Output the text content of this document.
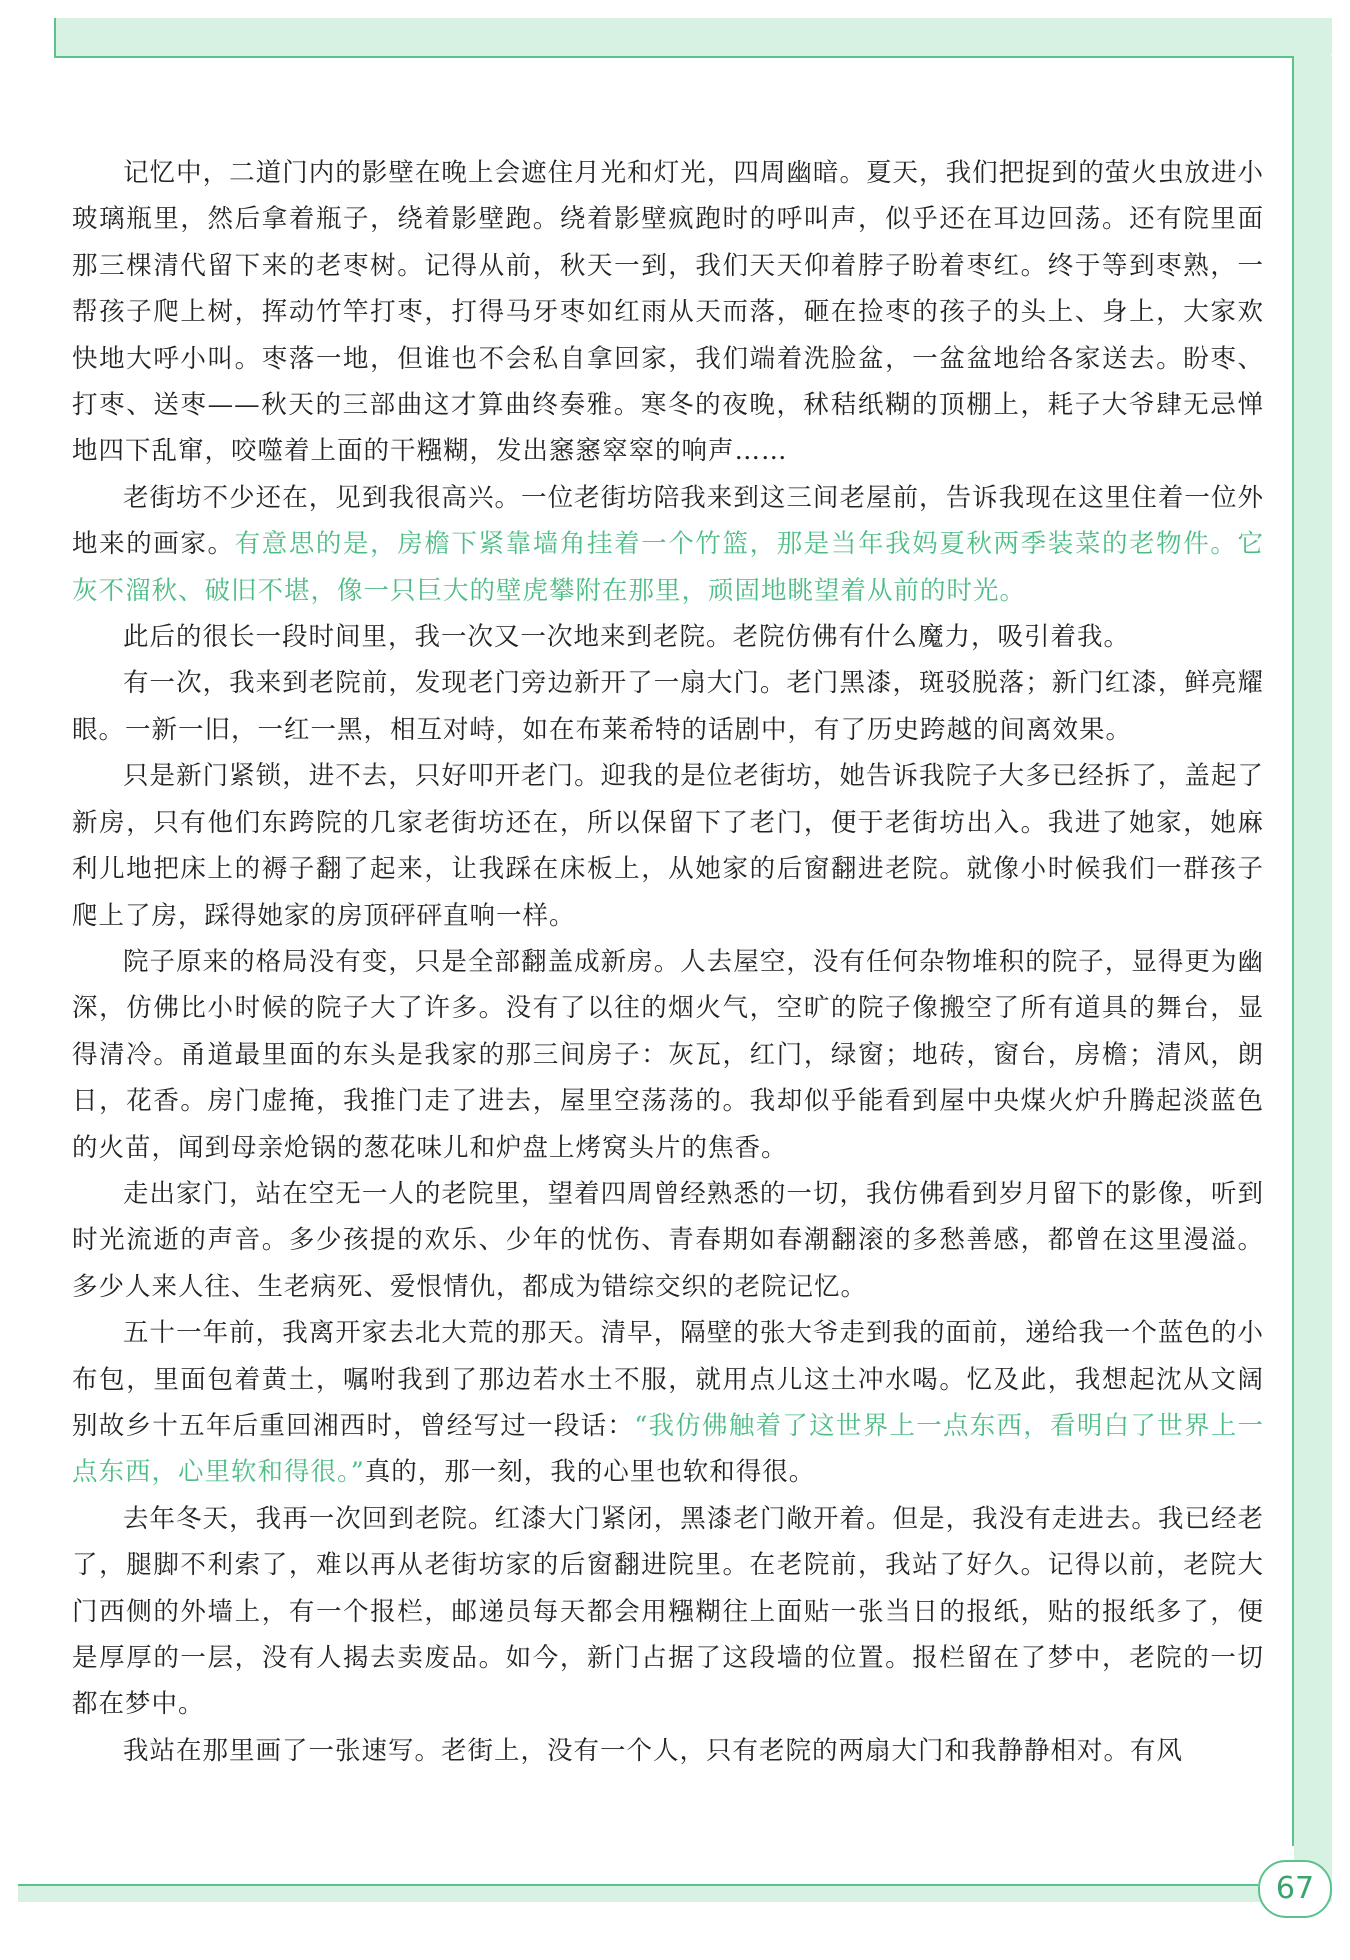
67

记忆中，二道门内的影壁在晚上会遮住月光和灯光，四周幽暗。夏天，我们把捉到的萤火虫放进小玻璃瓶里，然后拿着瓶子，绕着影壁跑。绕着影壁疯跑时的呼叫声，似乎还在耳边回荡。还有院里面那三棵清代留下来的老枣树。记得从前，秋天一到，我们天天仰着脖子盼着枣红。终于等到枣熟，一帮孩子爬上树，挥动竹竿打枣，打得马牙枣如红雨从天而落，砸在捡枣的孩子的头上、身上，大家欢快地大呼小叫。枣落一地，但谁也不会私自拿回家，我们端着洗脸盆，一盆盆地给各家送去。盼枣、打枣、送枣——秋天的三部曲这才算曲终奏雅。寒冬的夜晚，秫秸纸糊的顶棚上，耗子大爷肆无忌惮地四下乱窜，咬噬着上面的干糨糊，发出窸窸窣窣的响声……

老街坊不少还在，见到我很高兴。一位老街坊陪我来到这三间老屋前，告诉我现在这里住着一位外地来的画家。有意思的是，房檐下紧靠墙角挂着一个竹篮，那是当年我妈夏秋两季装菜的老物件。它灰不溜秋、破旧不堪，像一只巨大的壁虎攀附在那里，顽固地眺望着从前的时光。

此后的很长一段时间里，我一次又一次地来到老院。老院仿佛有什么魔力，吸引着我。

有一次，我来到老院前，发现老门旁边新开了一扇大门。老门黑漆，斑驳脱落；新门红漆，鲜亮耀眼。一新一旧，一红一黑，相互对峙，如在布莱希特的话剧中，有了历史跨越的间离效果。

只是新门紧锁，进不去，只好叩开老门。迎我的是位老街坊，她告诉我院子大多已经拆了，盖起了新房，只有他们东跨院的几家老街坊还在，所以保留下了老门，便于老街坊出入。我进了她家，她麻利儿地把床上的褥子翻了起来，让我踩在床板上，从她家的后窗翻进老院。就像小时候我们一群孩子爬上了房，踩得她家的房顶砰砰直响一样。

院子原来的格局没有变，只是全部翻盖成新房。人去屋空，没有任何杂物堆积的院子，显得更为幽深，仿佛比小时候的院子大了许多。没有了以往的烟火气，空旷的院子像搬空了所有道具的舞台，显得清冷。甬道最里面的东头是我家的那三间房子：灰瓦，红门，绿窗；地砖，窗台，房檐；清风，朗日，花香。房门虚掩，我推门走了进去，屋里空荡荡的。我却似乎能看到屋中央煤火炉升腾起淡蓝色的火苗，闻到母亲炝锅的葱花味儿和炉盘上烤窝头片的焦香。

走出家门，站在空无一人的老院里，望着四周曾经熟悉的一切，我仿佛看到岁月留下的影像，听到时光流逝的声音。多少孩提的欢乐、少年的忧伤、青春期如春潮翻滚的多愁善感，都曾在这里漫溢。多少人来人往、生老病死、爱恨情仇，都成为错综交织的老院记忆。

五十一年前，我离开家去北大荒的那天。清早，隔壁的张大爷走到我的面前，递给我一个蓝色的小布包，里面包着黄土，嘱咐我到了那边若水土不服，就用点儿这土冲水喝。忆及此，我想起沈从文阔别故乡十五年后重回湘西时，曾经写过一段话：“我仿佛触着了这世界上一点东西，看明白了世界上一点东西，心里软和得很。”真的，那一刻，我的心里也软和得很。

去年冬天，我再一次回到老院。红漆大门紧闭，黑漆老门敞开着。但是，我没有走进去。我已经老了，腿脚不利索了，难以再从老街坊家的后窗翻进院里。在老院前，我站了好久。记得以前，老院大门西侧的外墙上，有一个报栏，邮递员每天都会用糨糊往上面贴一张当日的报纸，贴的报纸多了，便是厚厚的一层，没有人揭去卖废品。如今，新门占据了这段墙的位置。报栏留在了梦中，老院的一切都在梦中。

我站在那里画了一张速写。老街上，没有一个人，只有老院的两扇大门和我静静相对。有风
